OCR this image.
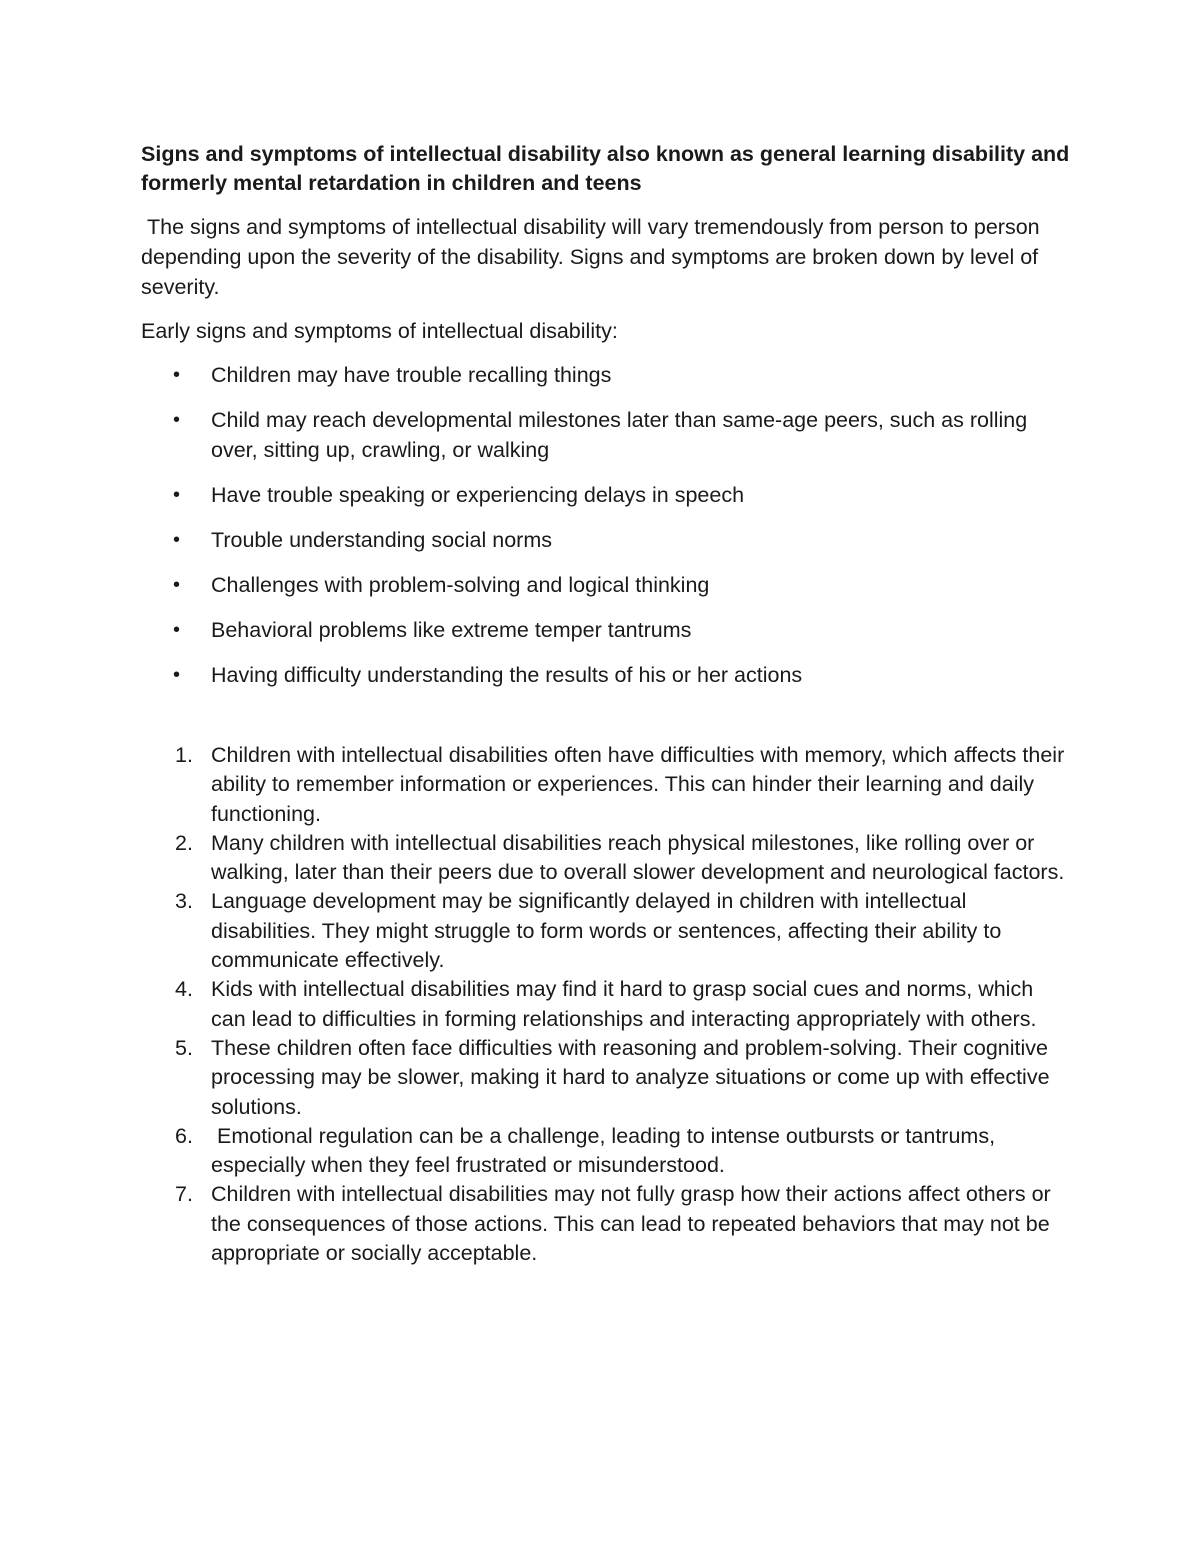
Signs and symptoms of intellectual disability also known as general learning disability and formerly mental retardation in children and teens

The signs and symptoms of intellectual disability will vary tremendously from person to person depending upon the severity of the disability. Signs and symptoms are broken down by level of severity.

Early signs and symptoms of intellectual disability:

• Children may have trouble recalling things
• Child may reach developmental milestones later than same-age peers, such as rolling over, sitting up, crawling, or walking
• Have trouble speaking or experiencing delays in speech
• Trouble understanding social norms
• Challenges with problem-solving and logical thinking
• Behavioral problems like extreme temper tantrums
• Having difficulty understanding the results of his or her actions
1. Children with intellectual disabilities often have difficulties with memory, which affects their ability to remember information or experiences. This can hinder their learning and daily functioning.
2. Many children with intellectual disabilities reach physical milestones, like rolling over or walking, later than their peers due to overall slower development and neurological factors.
3. Language development may be significantly delayed in children with intellectual disabilities. They might struggle to form words or sentences, affecting their ability to communicate effectively.
4. Kids with intellectual disabilities may find it hard to grasp social cues and norms, which can lead to difficulties in forming relationships and interacting appropriately with others.
5. These children often face difficulties with reasoning and problem-solving. Their cognitive processing may be slower, making it hard to analyze situations or come up with effective solutions.
6. Emotional regulation can be a challenge, leading to intense outbursts or tantrums, especially when they feel frustrated or misunderstood.
7. Children with intellectual disabilities may not fully grasp how their actions affect others or the consequences of those actions. This can lead to repeated behaviors that may not be appropriate or socially acceptable.
